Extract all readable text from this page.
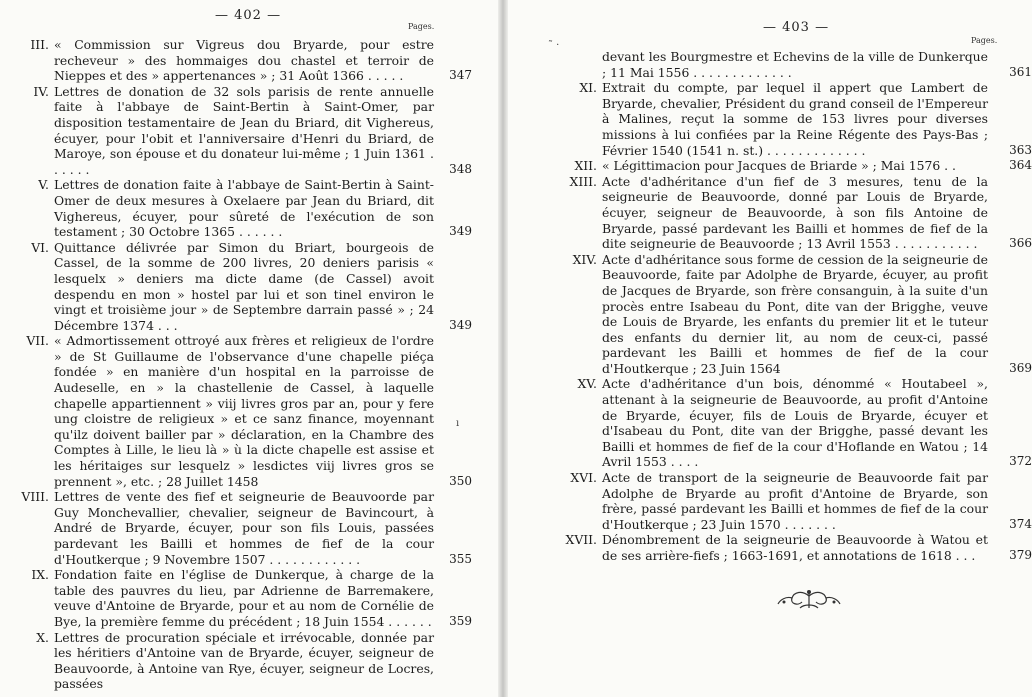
— 402 —
Pages.
III. « Commission sur Vigreus dou Bryarde, pour estre recheveur » des hommaiges dou chastel et terroir de Nieppes et des » appertenances » ; 31 Août 1366 . . . . .	347
IV. Lettres de donation de 32 sols parisis de rente annuelle faite à l'abbaye de Saint-Bertin à Saint-Omer, par disposition testamentaire de Jean du Briard, dit Vighereus, écuyer, pour l'obit et l'anniversaire d'Henri du Briard, de Maroye, son épouse et du donateur lui-même ; 1 Juin 1361 . . . . . .	348
V. Lettres de donation faite à l'abbaye de Saint-Bertin à Saint-Omer de deux mesures à Oxelaere par Jean du Briard, dit Vighereus, écuyer, pour sûreté de l'exécution de son testament ; 30 Octobre 1365 . . . . . .	349
VI. Quittance délivrée par Simon du Briart, bourgeois de Cassel, de la somme de 200 livres, 20 deniers parisis « lesquelx » deniers ma dicte dame (de Cassel) avoit despendu en mon » hostel par lui et son tinel environ le vingt et troisième jour » de Septembre darrain passé » ; 24 Décembre 1374 . . .	349
VII. « Admortissement ottroyé aux frères et religieux de l'ordre » de St Guillaume de l'observance d'une chapelle piéça fondée » en manière d'un hospital en la parroisse de Audeselle, en » la chastellenie de Cassel, à laquelle chapelle appartiennent » viij livres gros par an, pour y fere ung cloistre de religieux » et ce sanz finance, moyennant qu'ilz doivent bailler par » déclaration, en la Chambre des Comptes à Lille, le lieu là » ù la dicte chapelle est assise et les héritaiges sur lesquelz » lesdictes viij livres gros se prennent », etc. ; 28 Juillet 1458	350
VIII. Lettres de vente des fief et seigneurie de Beauvoorde par Guy Monchevallier, chevalier, seigneur de Bavincourt, à André de Bryarde, écuyer, pour son fils Louis, passées pardevant les Bailli et hommes de fief de la cour d'Houtkerque ; 9 Novembre 1507 . . . . . . . . . . . .	355
IX. Fondation faite en l'église de Dunkerque, à charge de la table des pauvres du lieu, par Adrienne de Barremakere, veuve d'Antoine de Bryarde, pour et au nom de Cornélie de Bye, la première femme du précédent ; 18 Juin 1554 . . . . . . 359
X. Lettres de procuration spéciale et irrévocable, donnée par les héritiers d'Antoine van de Bryarde, écuyer, seigneur de Beauvoorde, à Antoine van Rye, écuyer, seigneur de Locres, passées
— 403 —
Pages.
devant les Bourgmestre et Echevins de la ville de Dunkerque ; 11 Mai 1556 . . . . . . . . . . . . .	361
XI. Extrait du compte, par lequel il appert que Lambert de Bryarde, chevalier, Président du grand conseil de l'Empereur à Malines, reçut la somme de 153 livres pour diverses missions à lui confiées par la Reine Régente des Pays-Bas ; Février 1540 (1541 n. st.) . . . . . . . . . . . . .	363
XII. « Légittimacion pour Jacques de Briarde » ; Mai 1576 . .	364
XIII. Acte d'adhéritance d'un fief de 3 mesures, tenu de la seigneurie de Beauvoorde, donné par Louis de Bryarde, écuyer, seigneur de Beauvoorde, à son fils Antoine de Bryarde, passé pardevant les Bailli et hommes de fief de la dite seigneurie de Beauvoorde ; 13 Avril 1553 . . . . . . . . . . .	366
XIV. Acte d'adhéritance sous forme de cession de la seigneurie de Beauvoorde, faite par Adolphe de Bryarde, écuyer, au profit de Jacques de Bryarde, son frère consanguin, à la suite d'un procès entre Isabeau du Pont, dite van der Brigghe, veuve de Louis de Bryarde, les enfants du premier lit et le tuteur des enfants du dernier lit, au nom de ceux-ci, passé pardevant les Bailli et hommes de fief de la cour d'Houtkerque ; 23 Juin 1564	369
XV. Acte d'adhéritance d'un bois, dénommé « Houtabeel », attenant à la seigneurie de Beauvoorde, au profit d'Antoine de Bryarde, écuyer, fils de Louis de Bryarde, écuyer et d'Isabeau du Pont, dite van der Brigghe, passé devant les Bailli et hommes de fief de la cour d'Hoflande en Watou ; 14 Avril 1553 . . . .	372
XVI. Acte de transport de la seigneurie de Beauvoorde fait par Adolphe de Bryarde au profit d'Antoine de Bryarde, son frère, passé pardevant les Bailli et hommes de fief de la cour d'Houtkerque ; 23 Juin 1570 . . . . . . .	374
XVII. Dénombrement de la seigneurie de Beauvoorde à Watou et de ses arrière-fiefs ; 1663-1691, et annotations de 1618 . . .	379
˜ ·
ı
